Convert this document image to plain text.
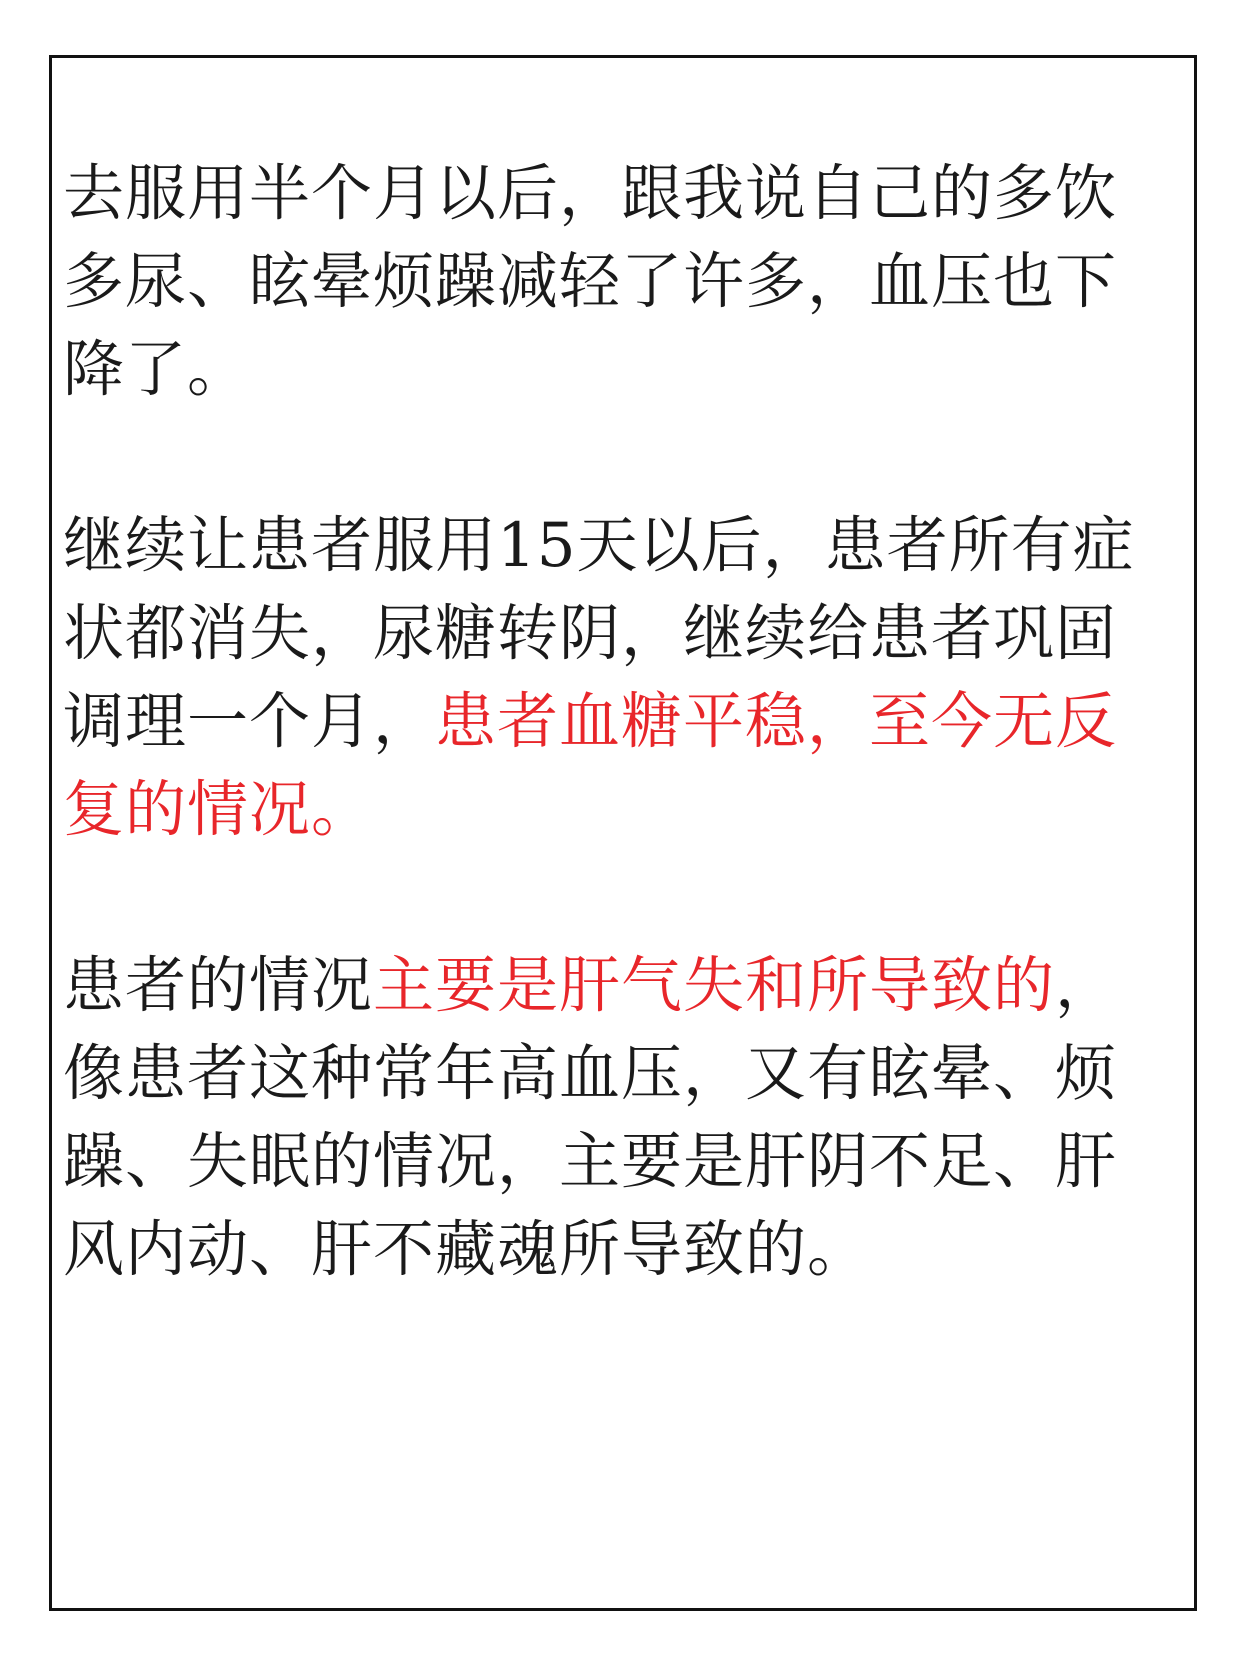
去服用半个月以后，跟我说自己的多饮多尿、眩晕烦躁减轻了许多，血压也下降了。

继续让患者服用15天以后，患者所有症状都消失，尿糖转阴，继续给患者巩固调理一个月，患者血糖平稳，至今无反复的情况。

患者的情况主要是肝气失和所导致的，像患者这种常年高血压，又有眩晕、烦躁、失眠的情况，主要是肝阴不足、肝风内动、肝不藏魂所导致的。
